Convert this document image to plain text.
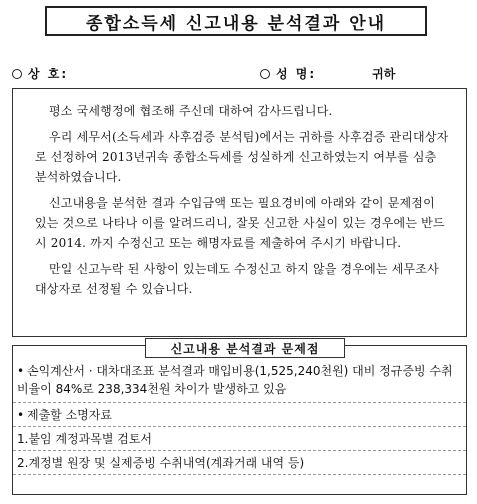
종합소득세 신고내용 분석결과 안내
상 호:	성 명:	귀하

평소 국세행정에 협조해 주신데 대하여 감사드립니다.

우리 세무서(소득세과 사후검증 분석팀)에서는 귀하를 사후검증 관리대상자로 선정하여 2013년귀속 종합소득세를 성실하게 신고하였는지 여부를 심층 분석하였습니다.

신고내용을 분석한 결과 수입금액 또는 필요경비에 아래와 같이 문제점이 있는 것으로 나타나 이를 알려드리니, 잘못 신고한 사실이 있는 경우에는 반드시 2014. 까지 수정신고 또는 해명자료를 제출하여 주시기 바랍니다.

만일 신고누락 된 사항이 있는데도 수정신고 하지 않을 경우에는 세무조사 대상자로 선정될 수 있습니다.

신고내용 분석결과 문제점
• 손익계산서 · 대차대조표 분석결과 매입비용(1,525,240천원) 대비 정규증빙 수취비율이 84%로 238,334천원 차이가 발생하고 있음
• 제출할 소명자료
1.붙임 계정과목별 검토서
2.계정별 원장 및 실제증빙 수취내역(계좌거래 내역 등)
